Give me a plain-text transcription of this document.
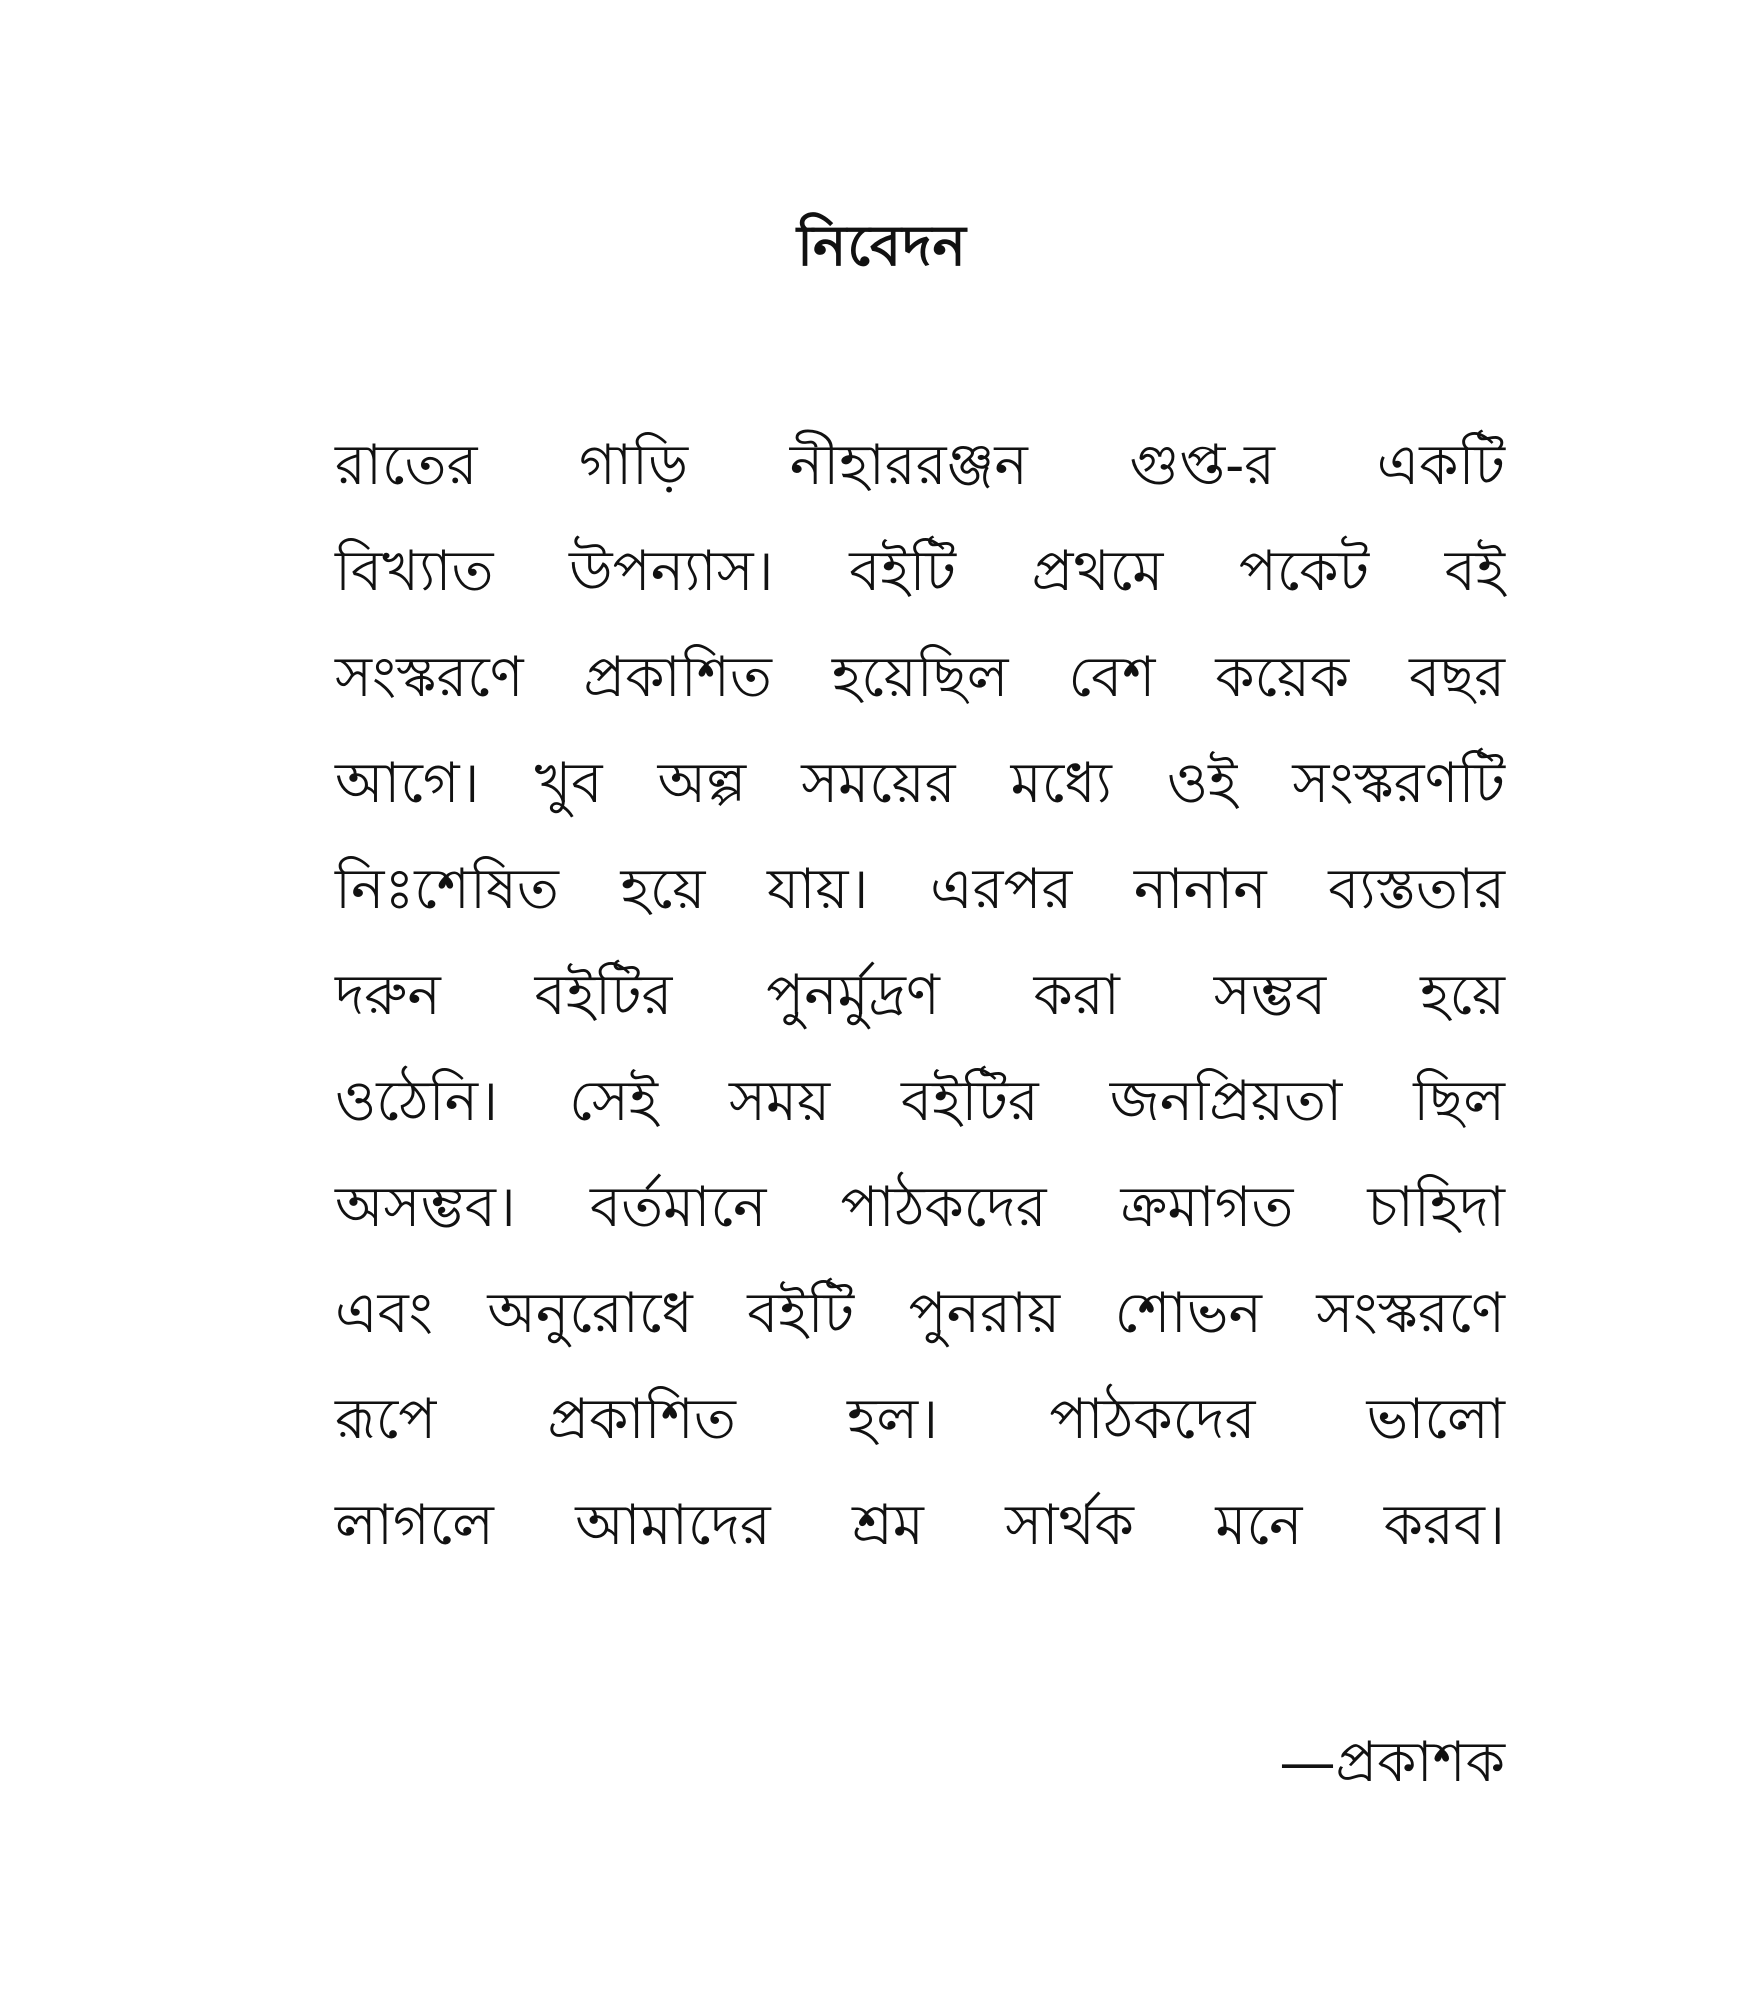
নিবেদন
রাতের গাড়ি নীহাররঞ্জন গুপ্ত-র একটি
বিখ্যাত উপন্যাস। বইটি প্রথমে পকেট বই
সংস্করণে প্রকাশিত হয়েছিল বেশ কয়েক বছর
আগে। খুব অল্প সময়ের মধ্যে ওই সংস্করণটি
নিঃশেষিত হয়ে যায়। এরপর নানান ব্যস্ততার
দরুন বইটির পুনর্মুদ্রণ করা সম্ভব হয়ে
ওঠেনি। সেই সময় বইটির জনপ্রিয়তা ছিল
অসম্ভব। বর্তমানে পাঠকদের ক্রমাগত চাহিদা
এবং অনুরোধে বইটি পুনরায় শোভন সংস্করণে
রূপে প্রকাশিত হল। পাঠকদের ভালো
লাগলে আমাদের শ্রম সার্থক মনে করব।
—প্রকাশক
